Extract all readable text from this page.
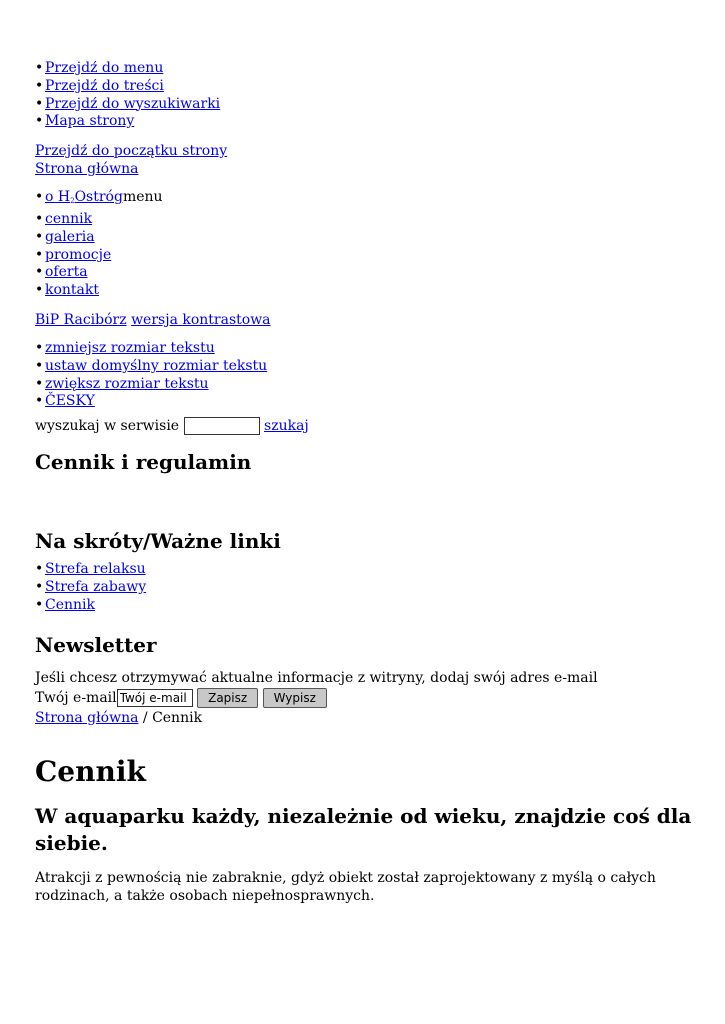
• Przejdź do menu
• Przejdź do treści
• Przejdź do wyszukiwarki
• Mapa strony
Przejdź do początku strony
Strona główna
• o $H_2Ostrógmenu$
• cennik
• galeria
• promocje
• oferta
• kontakt
BiP Racibórz wersja kontrastowa
• zmniejsz rozmiar tekstu
• ustaw domyślny rozmiar tekstu
• zwiększ rozmiar tekstu
• ČESKY
wyszukaj w serwisie	szukaj
Cennik i regulamin
Na skróty/Ważne linki
• Strefa relaksu
• Strefa zabawy
• Cennik
Newsletter
Jeśli chcesz otrzymywać aktualne informacje z witryny, dodaj swój adres e-mail
Twój e-mailTwój e-mail	Zapisz Wypisz
Strona główna / Cennik
Cennik
W aquaparku każdy, niezależnie od wieku, znajdzie coś dla siebie.

Atrakcji z pewnością nie zabraknie, gdyż obiekt został zaprojektowany z myślą o całych rodzinach, a także osobach niepełnosprawnych.
